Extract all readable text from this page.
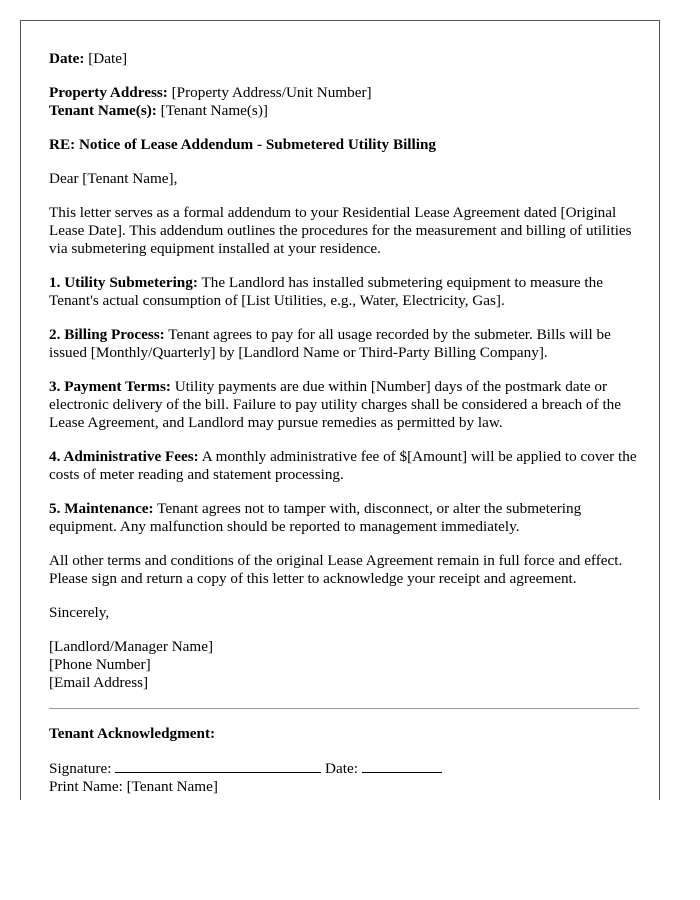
Date: [Date]

Property Address: [Property Address/Unit Number]
Tenant Name(s): [Tenant Name(s)]

RE: Notice of Lease Addendum - Submetered Utility Billing

Dear [Tenant Name],

This letter serves as a formal addendum to your Residential Lease Agreement dated [Original Lease Date]. This addendum outlines the procedures for the measurement and billing of utilities via submetering equipment installed at your residence.

1. Utility Submetering: The Landlord has installed submetering equipment to measure the Tenant's actual consumption of [List Utilities, e.g., Water, Electricity, Gas].

2. Billing Process: Tenant agrees to pay for all usage recorded by the submeter. Bills will be issued [Monthly/Quarterly] by [Landlord Name or Third-Party Billing Company].

3. Payment Terms: Utility payments are due within [Number] days of the postmark date or electronic delivery of the bill. Failure to pay utility charges shall be considered a breach of the Lease Agreement, and Landlord may pursue remedies as permitted by law.

4. Administrative Fees: A monthly administrative fee of $[Amount] will be applied to cover the costs of meter reading and statement processing.

5. Maintenance: Tenant agrees not to tamper with, disconnect, or alter the submetering equipment. Any malfunction should be reported to management immediately.

All other terms and conditions of the original Lease Agreement remain in full force and effect. Please sign and return a copy of this letter to acknowledge your receipt and agreement.

Sincerely,

[Landlord/Manager Name]
[Phone Number]
[Email Address]

Tenant Acknowledgment:

Signature:	Date:
Print Name: [Tenant Name]
